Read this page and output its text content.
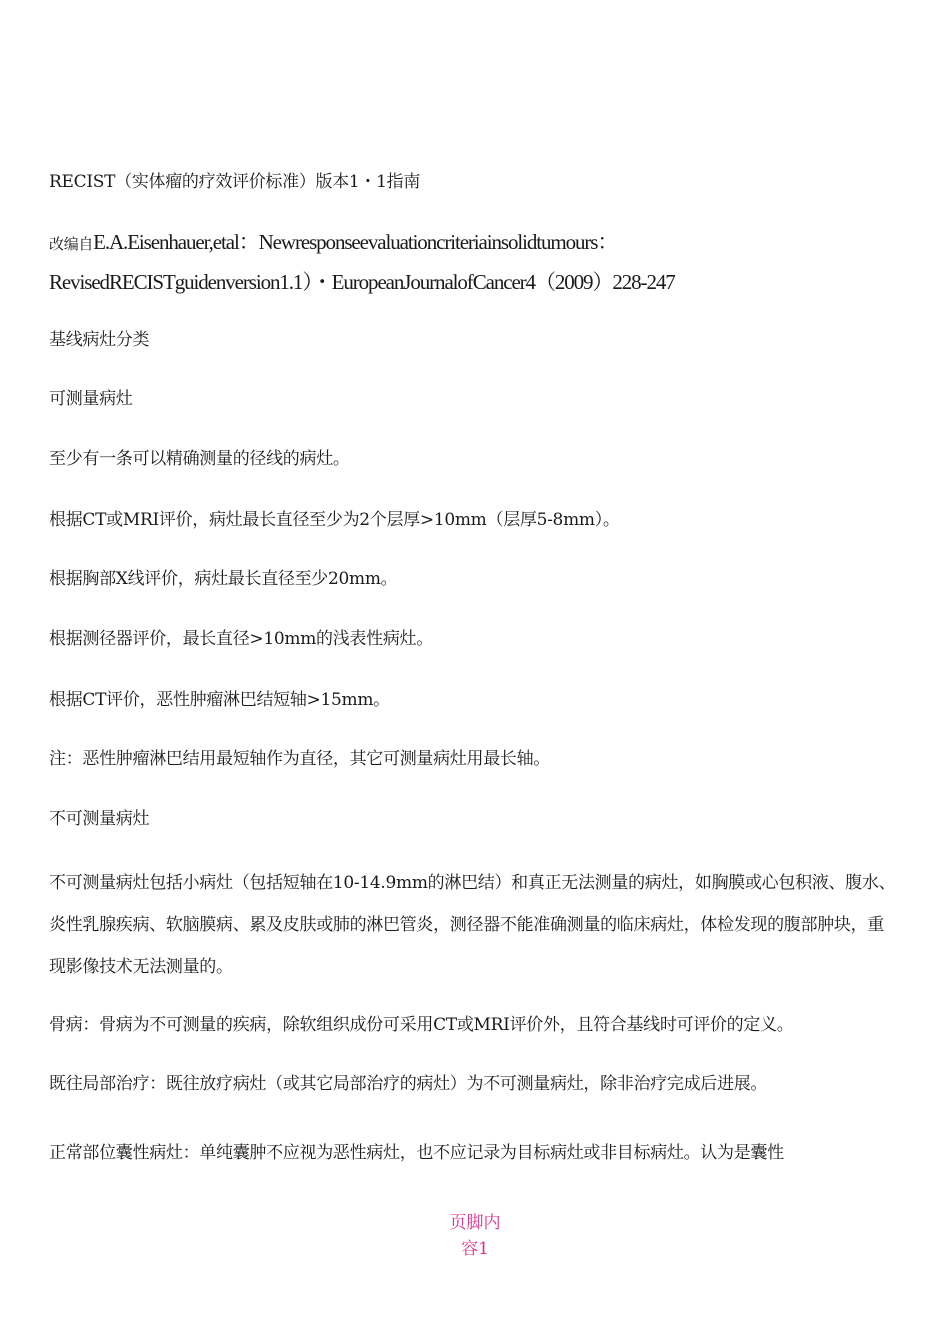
RECIST（实体瘤的疗效评价标准）版本1・1指南

改编自E.A.Eisenhauer,etal：Newresponseevaluationcriteriainsolidtumours：

RevisedRECISTguidenversion1.1）・EuropeanJournalofCancer4（2009）228-247

基线病灶分类

可测量病灶

至少有一条可以精确测量的径线的病灶。

根据CT或MRI评价，病灶最长直径至少为2个层厚>10mm（层厚5-8mm）。

根据胸部X线评价，病灶最长直径至少20mm。

根据测径器评价，最长直径>10mm的浅表性病灶。

根据CT评价，恶性肿瘤淋巴结短轴>15mm。

注：恶性肿瘤淋巴结用最短轴作为直径，其它可测量病灶用最长轴。

不可测量病灶

不可测量病灶包括小病灶（包括短轴在10-14.9mm的淋巴结）和真正无法测量的病灶，如胸膜或心包积液、腹水、炎性乳腺疾病、软脑膜病、累及皮肤或肺的淋巴管炎，测径器不能准确测量的临床病灶，体检发现的腹部肿块，重现影像技术无法测量的。

骨病：骨病为不可测量的疾病，除软组织成份可采用CT或MRI评价外，且符合基线时可评价的定义。

既往局部治疗：既往放疗病灶（或其它局部治疗的病灶）为不可测量病灶，除非治疗完成后进展。

正常部位囊性病灶：单纯囊肿不应视为恶性病灶，也不应记录为目标病灶或非目标病灶。认为是囊性

页脚内
容1
